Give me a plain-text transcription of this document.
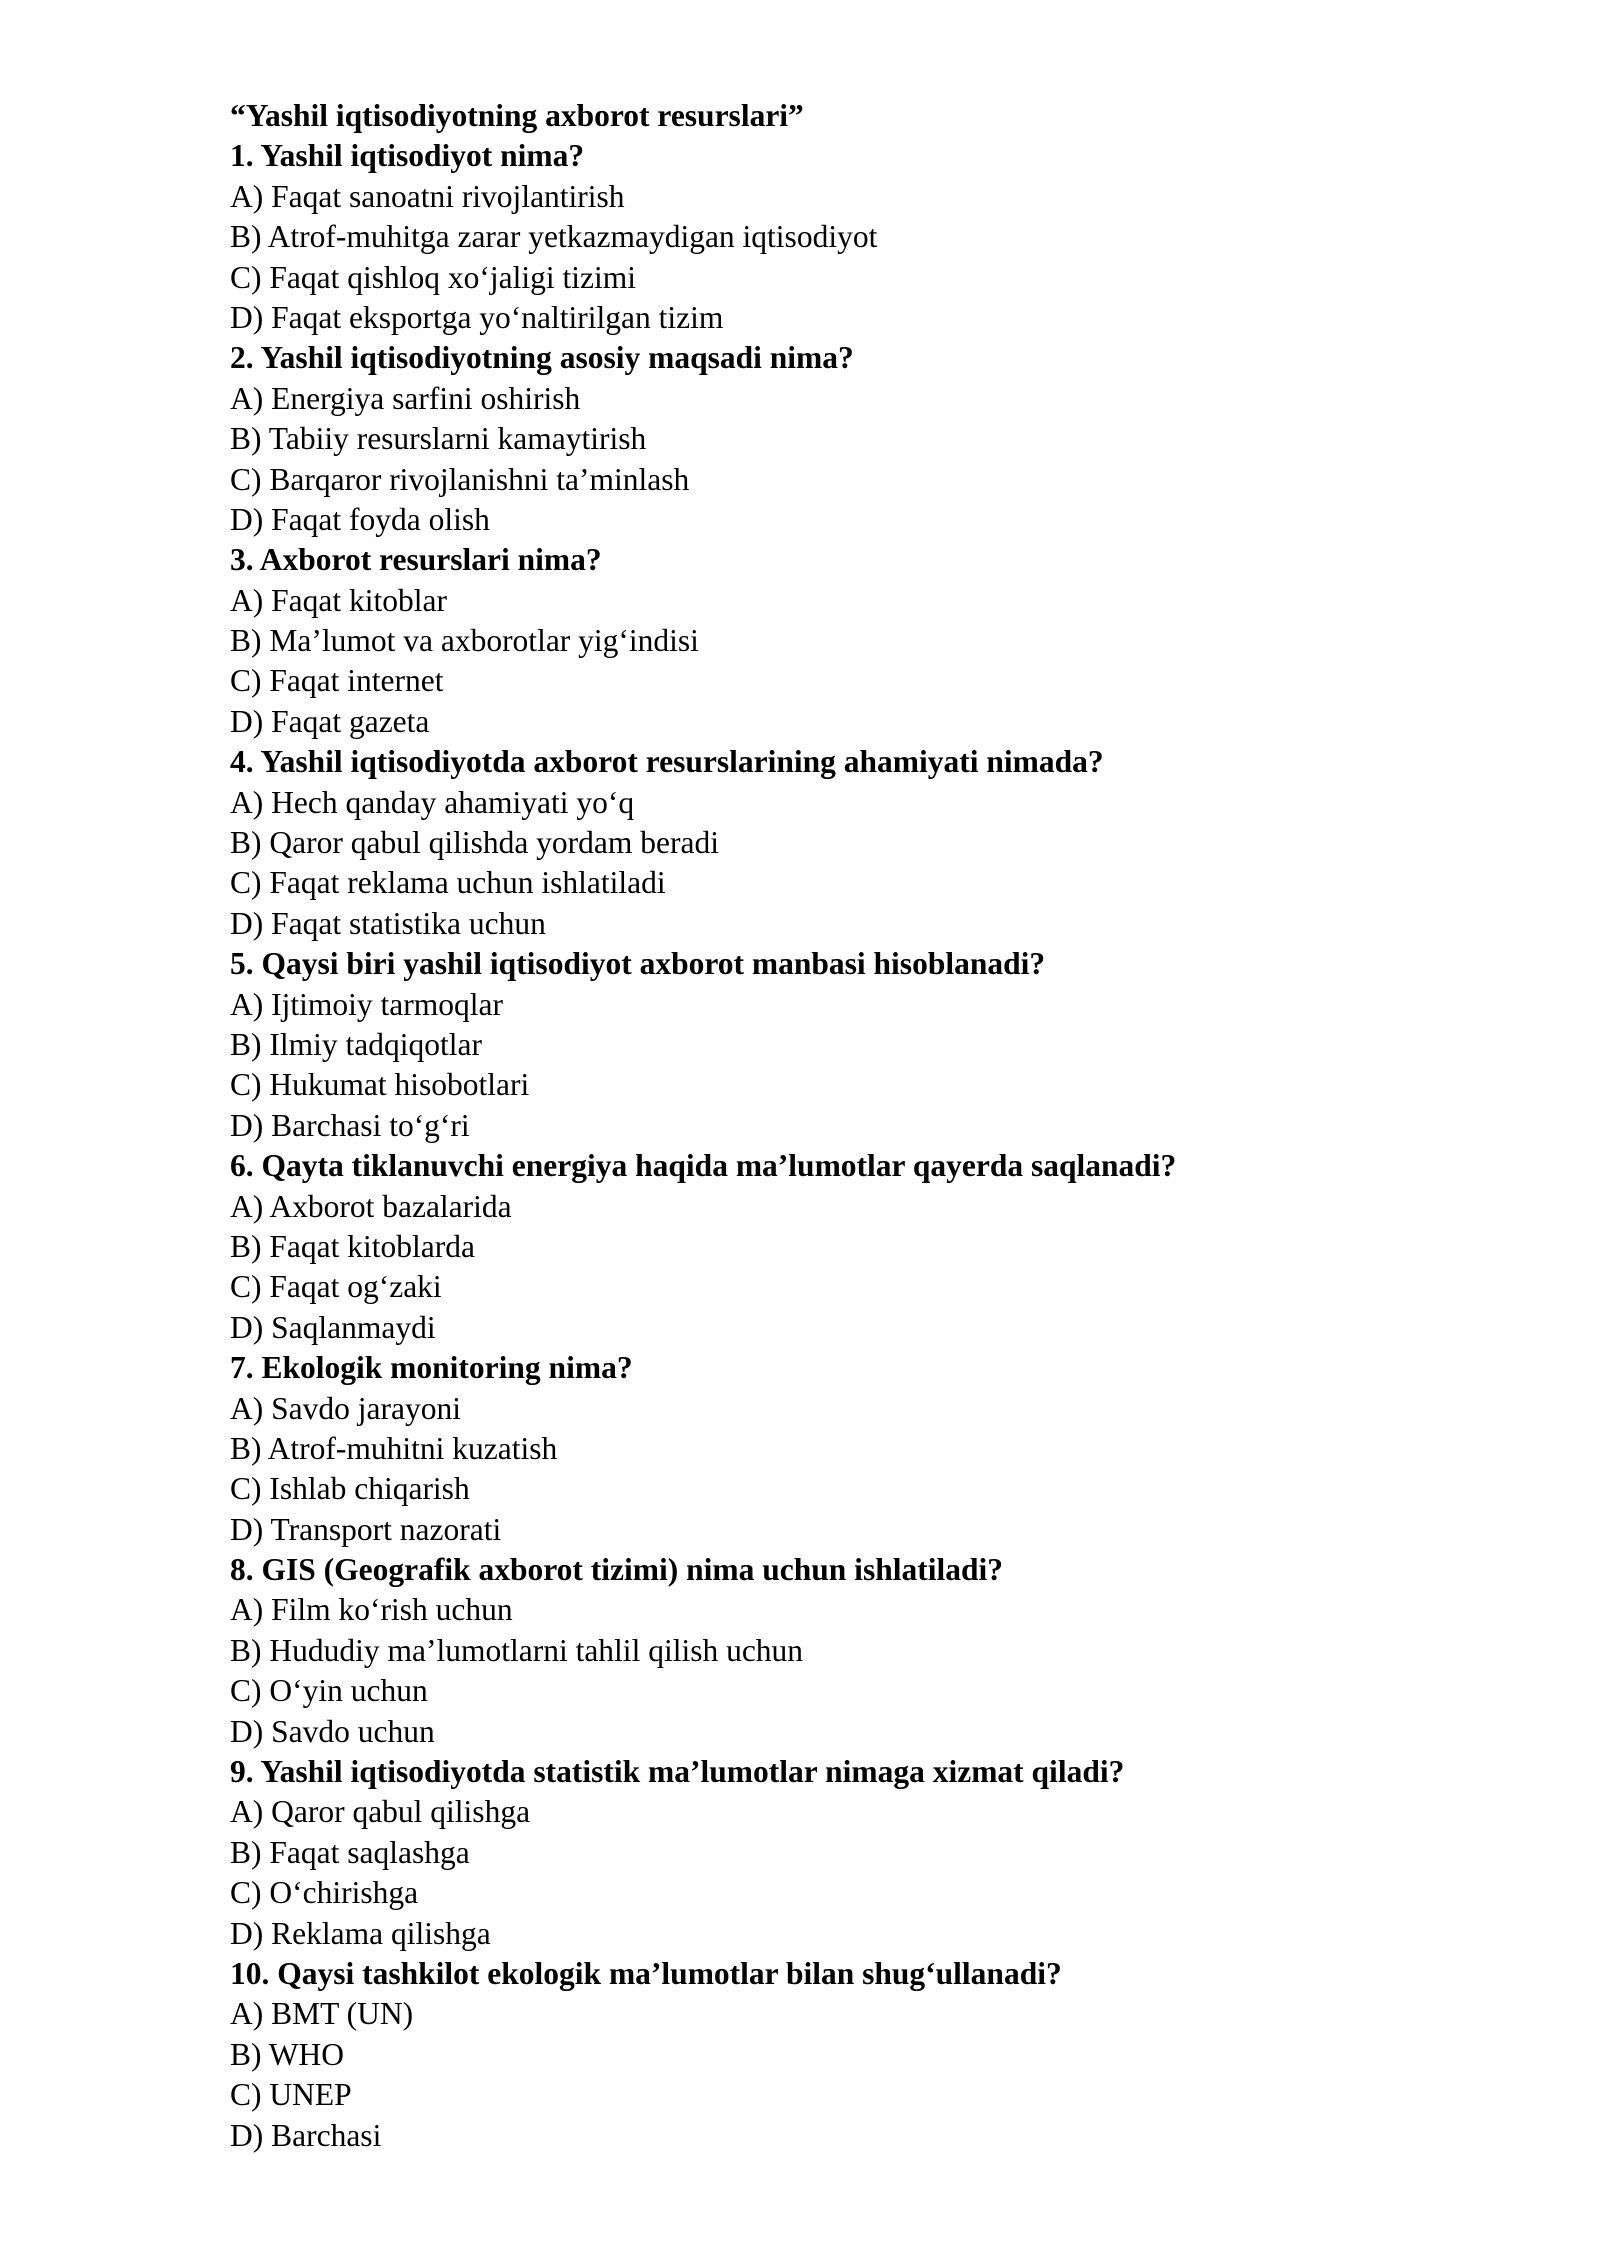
“Yashil iqtisodiyotning axborot resurslari”
1. Yashil iqtisodiyot nima?
A) Faqat sanoatni rivojlantirish
B) Atrof-muhitga zarar yetkazmaydigan iqtisodiyot
C) Faqat qishloq xo‘jaligi tizimi
D) Faqat eksportga yo‘naltirilgan tizim
2. Yashil iqtisodiyotning asosiy maqsadi nima?
A) Energiya sarfini oshirish
B) Tabiiy resurslarni kamaytirish
C) Barqaror rivojlanishni ta’minlash
D) Faqat foyda olish
3. Axborot resurslari nima?
A) Faqat kitoblar
B) Ma’lumot va axborotlar yig‘indisi
C) Faqat internet
D) Faqat gazeta
4. Yashil iqtisodiyotda axborot resurslarining ahamiyati nimada?
A) Hech qanday ahamiyati yo‘q
B) Qaror qabul qilishda yordam beradi
C) Faqat reklama uchun ishlatiladi
D) Faqat statistika uchun
5. Qaysi biri yashil iqtisodiyot axborot manbasi hisoblanadi?
A) Ijtimoiy tarmoqlar
B) Ilmiy tadqiqotlar
C) Hukumat hisobotlari
D) Barchasi to‘g‘ri
6. Qayta tiklanuvchi energiya haqida ma’lumotlar qayerda saqlanadi?
A) Axborot bazalarida
B) Faqat kitoblarda
C) Faqat og‘zaki
D) Saqlanmaydi
7. Ekologik monitoring nima?
A) Savdo jarayoni
B) Atrof-muhitni kuzatish
C) Ishlab chiqarish
D) Transport nazorati
8. GIS (Geografik axborot tizimi) nima uchun ishlatiladi?
A) Film ko‘rish uchun
B) Hududiy ma’lumotlarni tahlil qilish uchun
C) O‘yin uchun
D) Savdo uchun
9. Yashil iqtisodiyotda statistik ma’lumotlar nimaga xizmat qiladi?
A) Qaror qabul qilishga
B) Faqat saqlashga
C) O‘chirishga
D) Reklama qilishga
10. Qaysi tashkilot ekologik ma’lumotlar bilan shug‘ullanadi?
A) BMT (UN)
B) WHO
C) UNEP
D) Barchasi
